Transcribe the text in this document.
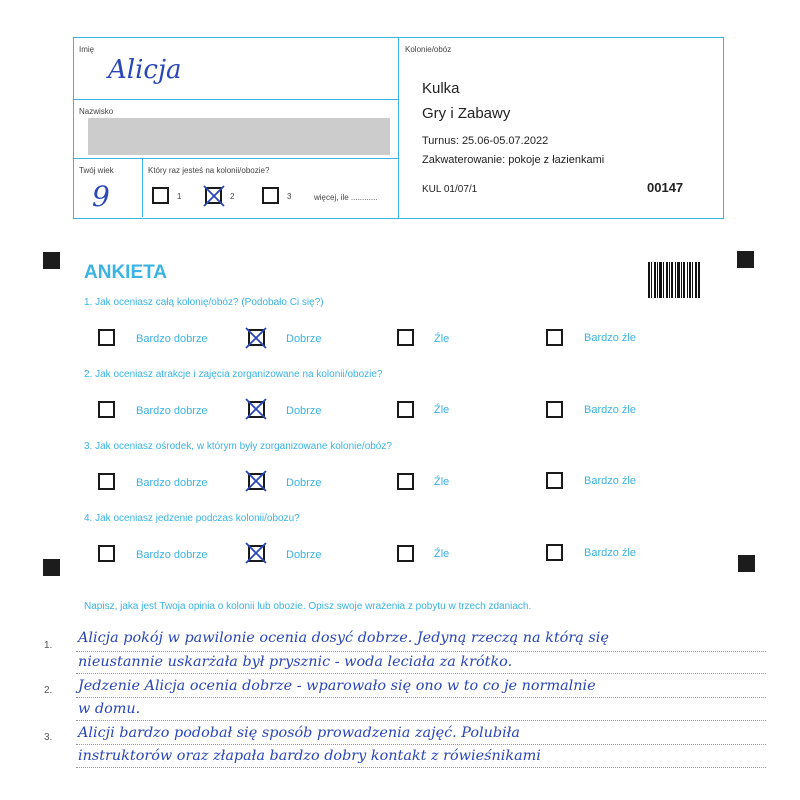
Imię
Alicja
Nazwisko
Twój wiek
9
Który raz jesteś na kolonii/obozie?
1	2	3	więcej, ile ............
Kolonie/obóz
Kulka
Gry i Zabawy
Turnus: 25.06-05.07.2022
Zakwaterowanie: pokoje z łazienkami
KUL 01/07/1	00147
ANKIETA
1. Jak oceniasz całą kolonię/obóz? (Podobało Ci się?)
Bardzo dobrze	Dobrze	Źle	Bardzo źle
2. Jak oceniasz atrakcje i zajęcia zorganizowane na kolonii/obozie?
Bardzo dobrze	Dobrze	Źle	Bardzo źle
3. Jak oceniasz ośrodek, w którym były zorganizowane kolonie/obóz?
Bardzo dobrze	Dobrze	Źle	Bardzo źle
4. Jak oceniasz jedzenie podczas kolonii/obozu?
Bardzo dobrze	Dobrze	Źle	Bardzo źle
Napisz, jaka jest Twoja opinia o kolonii lub obozie. Opisz swoje wrażenia z pobytu w trzech zdaniach.
1.
2.
3.
Alicja pokój w pawilonie ocenia dosyć dobrze. Jedyną rzeczą na którą się
nieustannie uskarżała był prysznic - woda leciała za krótko.
Jedzenie Alicja ocenia dobrze - wparowało się ono w to co je normalnie
w domu.
Alicji bardzo podobał się sposób prowadzenia zajęć. Polubiła
instruktorów oraz złapała bardzo dobry kontakt z rówieśnikami
